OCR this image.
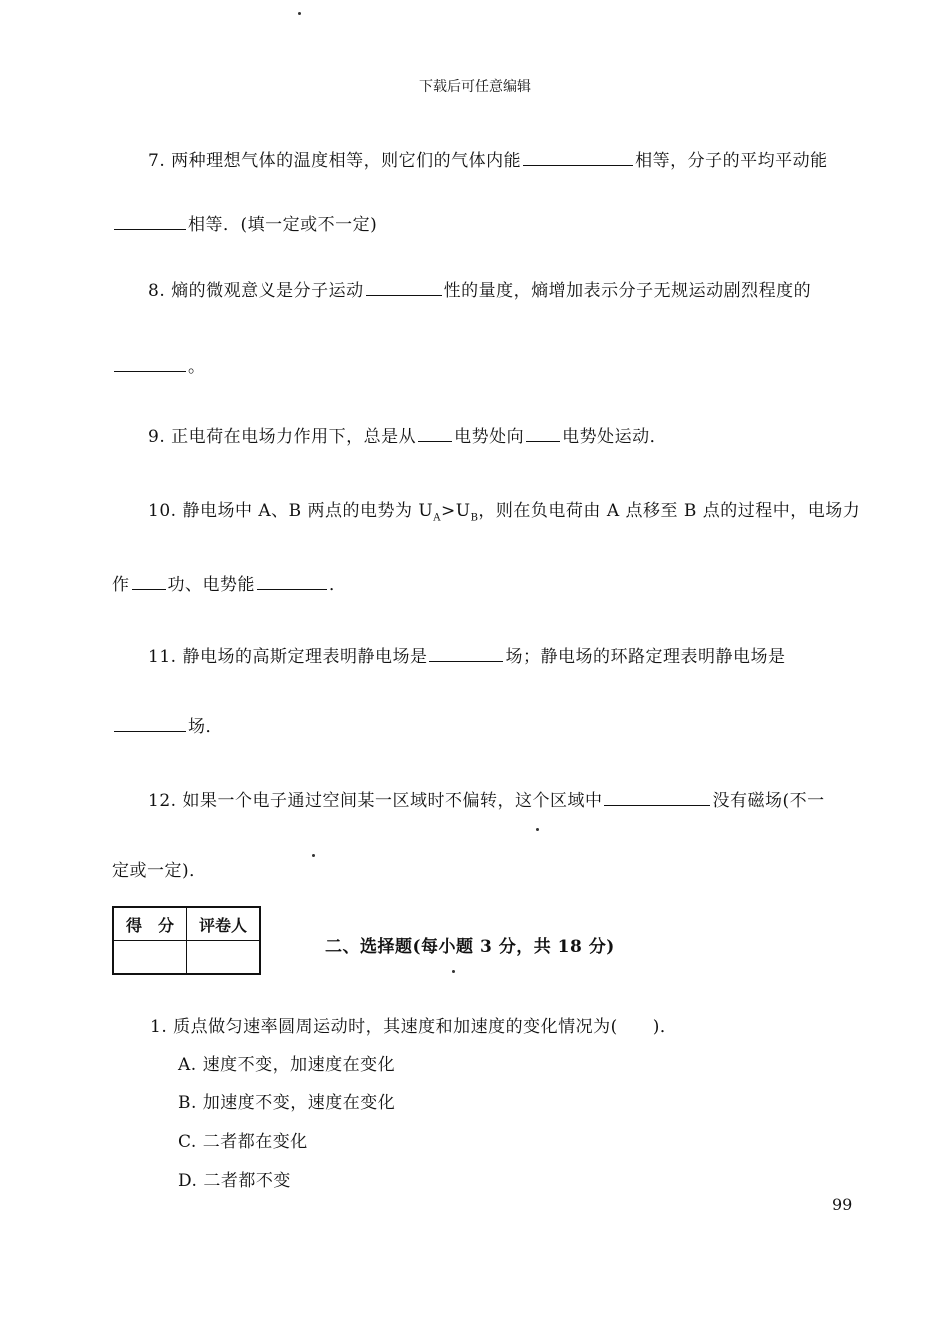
下载后可任意编辑
7. 两种理想气体的温度相等，则它们的气体内能	相等，分子的平均平动能
相等．(填一定或不一定)
8. 熵的微观意义是分子运动	性的量度，熵增加表示分子无规运动剧烈程度的
。
9. 正电荷在电场力作用下，总是从 电势处向 电势处运动．
10. 静电场中 A、B 两点的电势为 $U_A>U_B$，则在负电荷由 A 点移至 B 点的过程中，电场力
作 功、电势能	．
11. 静电场的高斯定理表明静电场是	场；静电场的环路定理表明静电场是
场．
12. 如果一个电子通过空间某一区域时不偏转，这个区域中	没有磁场(不一
定或一定)．
得　分	评卷人

二、选择题(每小题 3 分，共 18 分)
1. 质点做匀速率圆周运动时，其速度和加速度的变化情况为(　　)．
A. 速度不变，加速度在变化
B. 加速度不变，速度在变化
C. 二者都在变化
D. 二者都不变
99
